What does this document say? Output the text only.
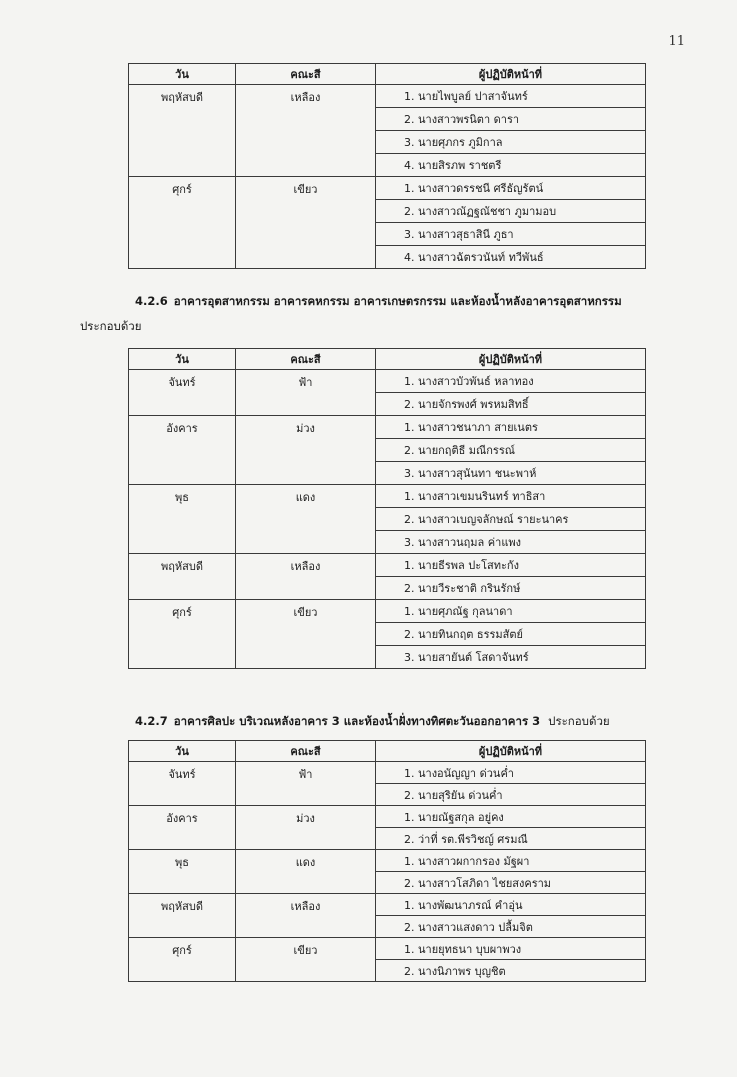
11
วัน	คณะสี	ผู้ปฏิบัติหน้าที่
พฤหัสบดี	เหลือง	1. นายไพบูลย์ ปาสาจันทร์
		2. นางสาวพรนิตา ดารา
		3. นายศุภกร ภูมิกาล
		4. นายสิรภพ ราชตรี
ศุกร์	เขียว	1. นางสาวดรรชนี ศรีธัญรัตน์
		2. นางสาวณัฏฐณัชชา ภูมามอบ
		3. นางสาวสุธาสินี ภูธา
		4. นางสาวฉัตรวนันท์ ทวีพันธ์
4.2.6 อาคารอุตสาหกรรม อาคารคหกรรม อาคารเกษตรกรรม และห้องน้ำหลังอาคารอุตสาหกรรม
ประกอบด้วย
วัน	คณะสี	ผู้ปฏิบัติหน้าที่
จันทร์	ฟ้า	1. นางสาวบัวพันธ์ หลาทอง
		2. นายจักรพงศ์ พรหมสิทธิ์
อังคาร	ม่วง	1. นางสาวชนาภา สายเนตร
		2. นายกฤติธี มณีกรรณ์
		3. นางสาวสุนันทา ชนะพาห์
พุธ	แดง	1. นางสาวเขมนรินทร์ ทาธิสา
		2. นางสาวเบญจลักษณ์ รายะนาคร
		3. นางสาวนฤมล ค่าแพง
พฤหัสบดี	เหลือง	1. นายธีรพล ปะโสทะกัง
		2. นายวีระชาติ กรินรักษ์
ศุกร์	เขียว	1. นายศุภณัฐ กุลนาดา
		2. นายทินกฤต ธรรมสัตย์
		3. นายสายันต์ โสดาจันทร์
4.2.7 อาคารศิลปะ บริเวณหลังอาคาร 3 และห้องน้ำฝั่งทางทิศตะวันออกอาคาร 3 ประกอบด้วย
วัน	คณะสี	ผู้ปฏิบัติหน้าที่
จันทร์	ฟ้า	1. นางอนัญญา ด่วนค่ำ
		2. นายสุริยัน ด่วนค่ำ
อังคาร	ม่วง	1. นายณัฐสกุล อยู่คง
		2. ว่าที่ รต.พีรวิชญ์ ศรมณี
พุธ	แดง	1. นางสาวผกากรอง มัฐผา
		2. นางสาวโสภิดา ไชยสงคราม
พฤหัสบดี	เหลือง	1. นางพัฒนาภรณ์ คำอุ่น
		2. นางสาวแสงดาว ปลื้มจิต
ศุกร์	เขียว	1. นายยุทธนา บุบผาพวง
		2. นางนิภาพร บุญชิต
